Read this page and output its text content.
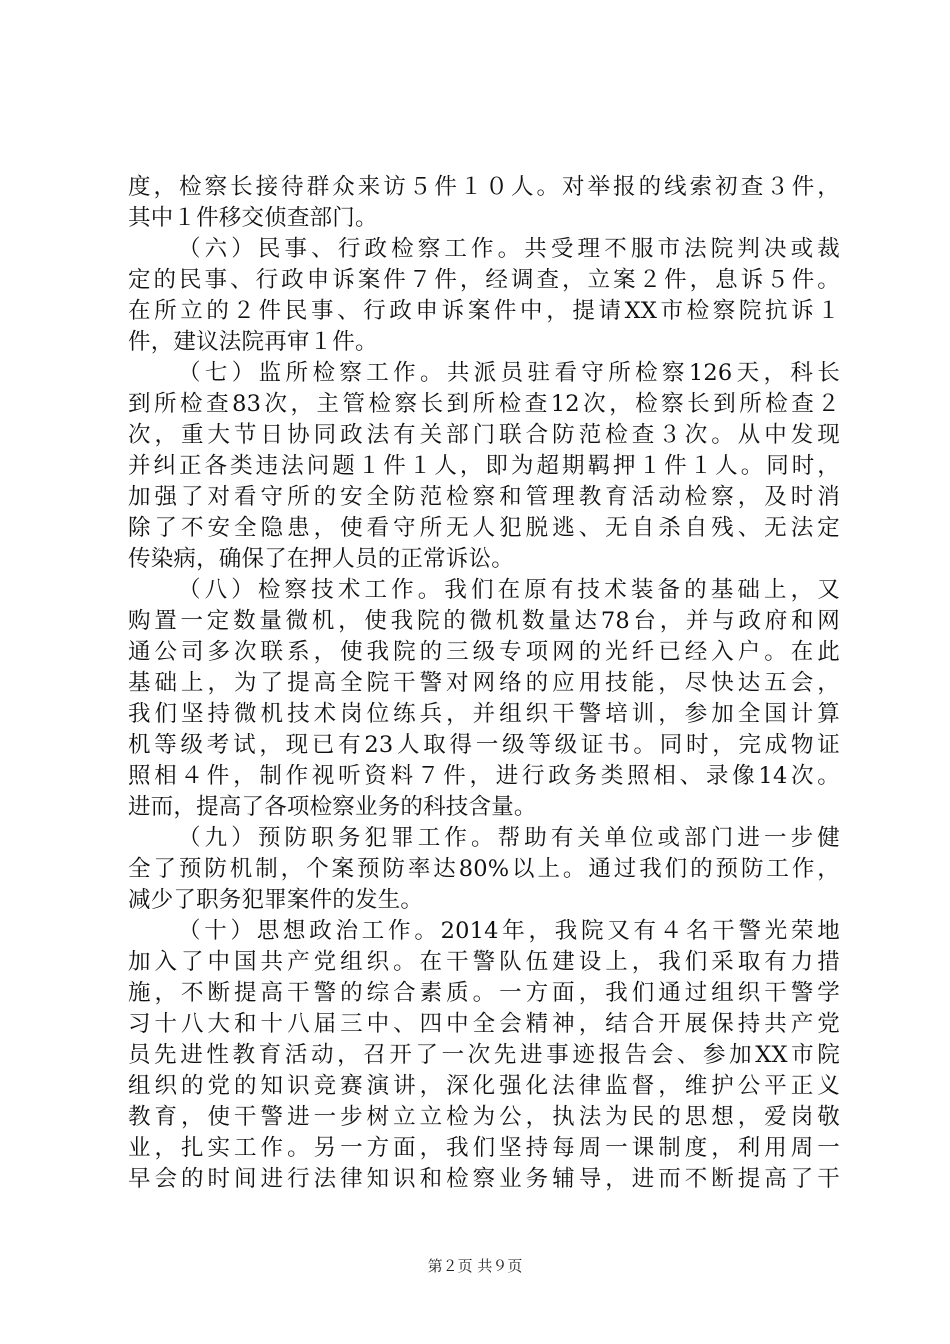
度，检察长接待群众来访５件１０人。对举报的线索初查３件，
其中１件移交侦查部门。
（六）民事、行政检察工作。共受理不服市法院判决或裁
定的民事、行政申诉案件７件，经调查，立案２件，息诉５件。
在所立的２件民事、行政申诉案件中，提请XX市检察院抗诉１
件，建议法院再审１件。
（七）监所检察工作。共派员驻看守所检察126天，科长
到所检查83次，主管检察长到所检查12次，检察长到所检查２
次，重大节日协同政法有关部门联合防范检查３次。从中发现
并纠正各类违法问题１件１人，即为超期羁押１件１人。同时，
加强了对看守所的安全防范检察和管理教育活动检察，及时消
除了不安全隐患，使看守所无人犯脱逃、无自杀自残、无法定
传染病，确保了在押人员的正常诉讼。
（八）检察技术工作。我们在原有技术装备的基础上，又
购置一定数量微机，使我院的微机数量达78台，并与政府和网
通公司多次联系，使我院的三级专项网的光纤已经入户。在此
基础上，为了提高全院干警对网络的应用技能，尽快达五会，
我们坚持微机技术岗位练兵，并组织干警培训，参加全国计算
机等级考试，现已有23人取得一级等级证书。同时，完成物证
照相４件，制作视听资料７件，进行政务类照相、录像14次。
进而，提高了各项检察业务的科技含量。
（九）预防职务犯罪工作。帮助有关单位或部门进一步健
全了预防机制，个案预防率达80%以上。通过我们的预防工作，
减少了职务犯罪案件的发生。
（十）思想政治工作。2014年，我院又有４名干警光荣地
加入了中国共产党组织。在干警队伍建设上，我们采取有力措
施，不断提高干警的综合素质。一方面，我们通过组织干警学
习十八大和十八届三中、四中全会精神，结合开展保持共产党
员先进性教育活动，召开了一次先进事迹报告会、参加XX市院
组织的党的知识竞赛演讲，深化强化法律监督，维护公平正义
教育，使干警进一步树立立检为公，执法为民的思想，爱岗敬
业，扎实工作。另一方面，我们坚持每周一课制度，利用周一
早会的时间进行法律知识和检察业务辅导，进而不断提高了干
第２页 共９页
